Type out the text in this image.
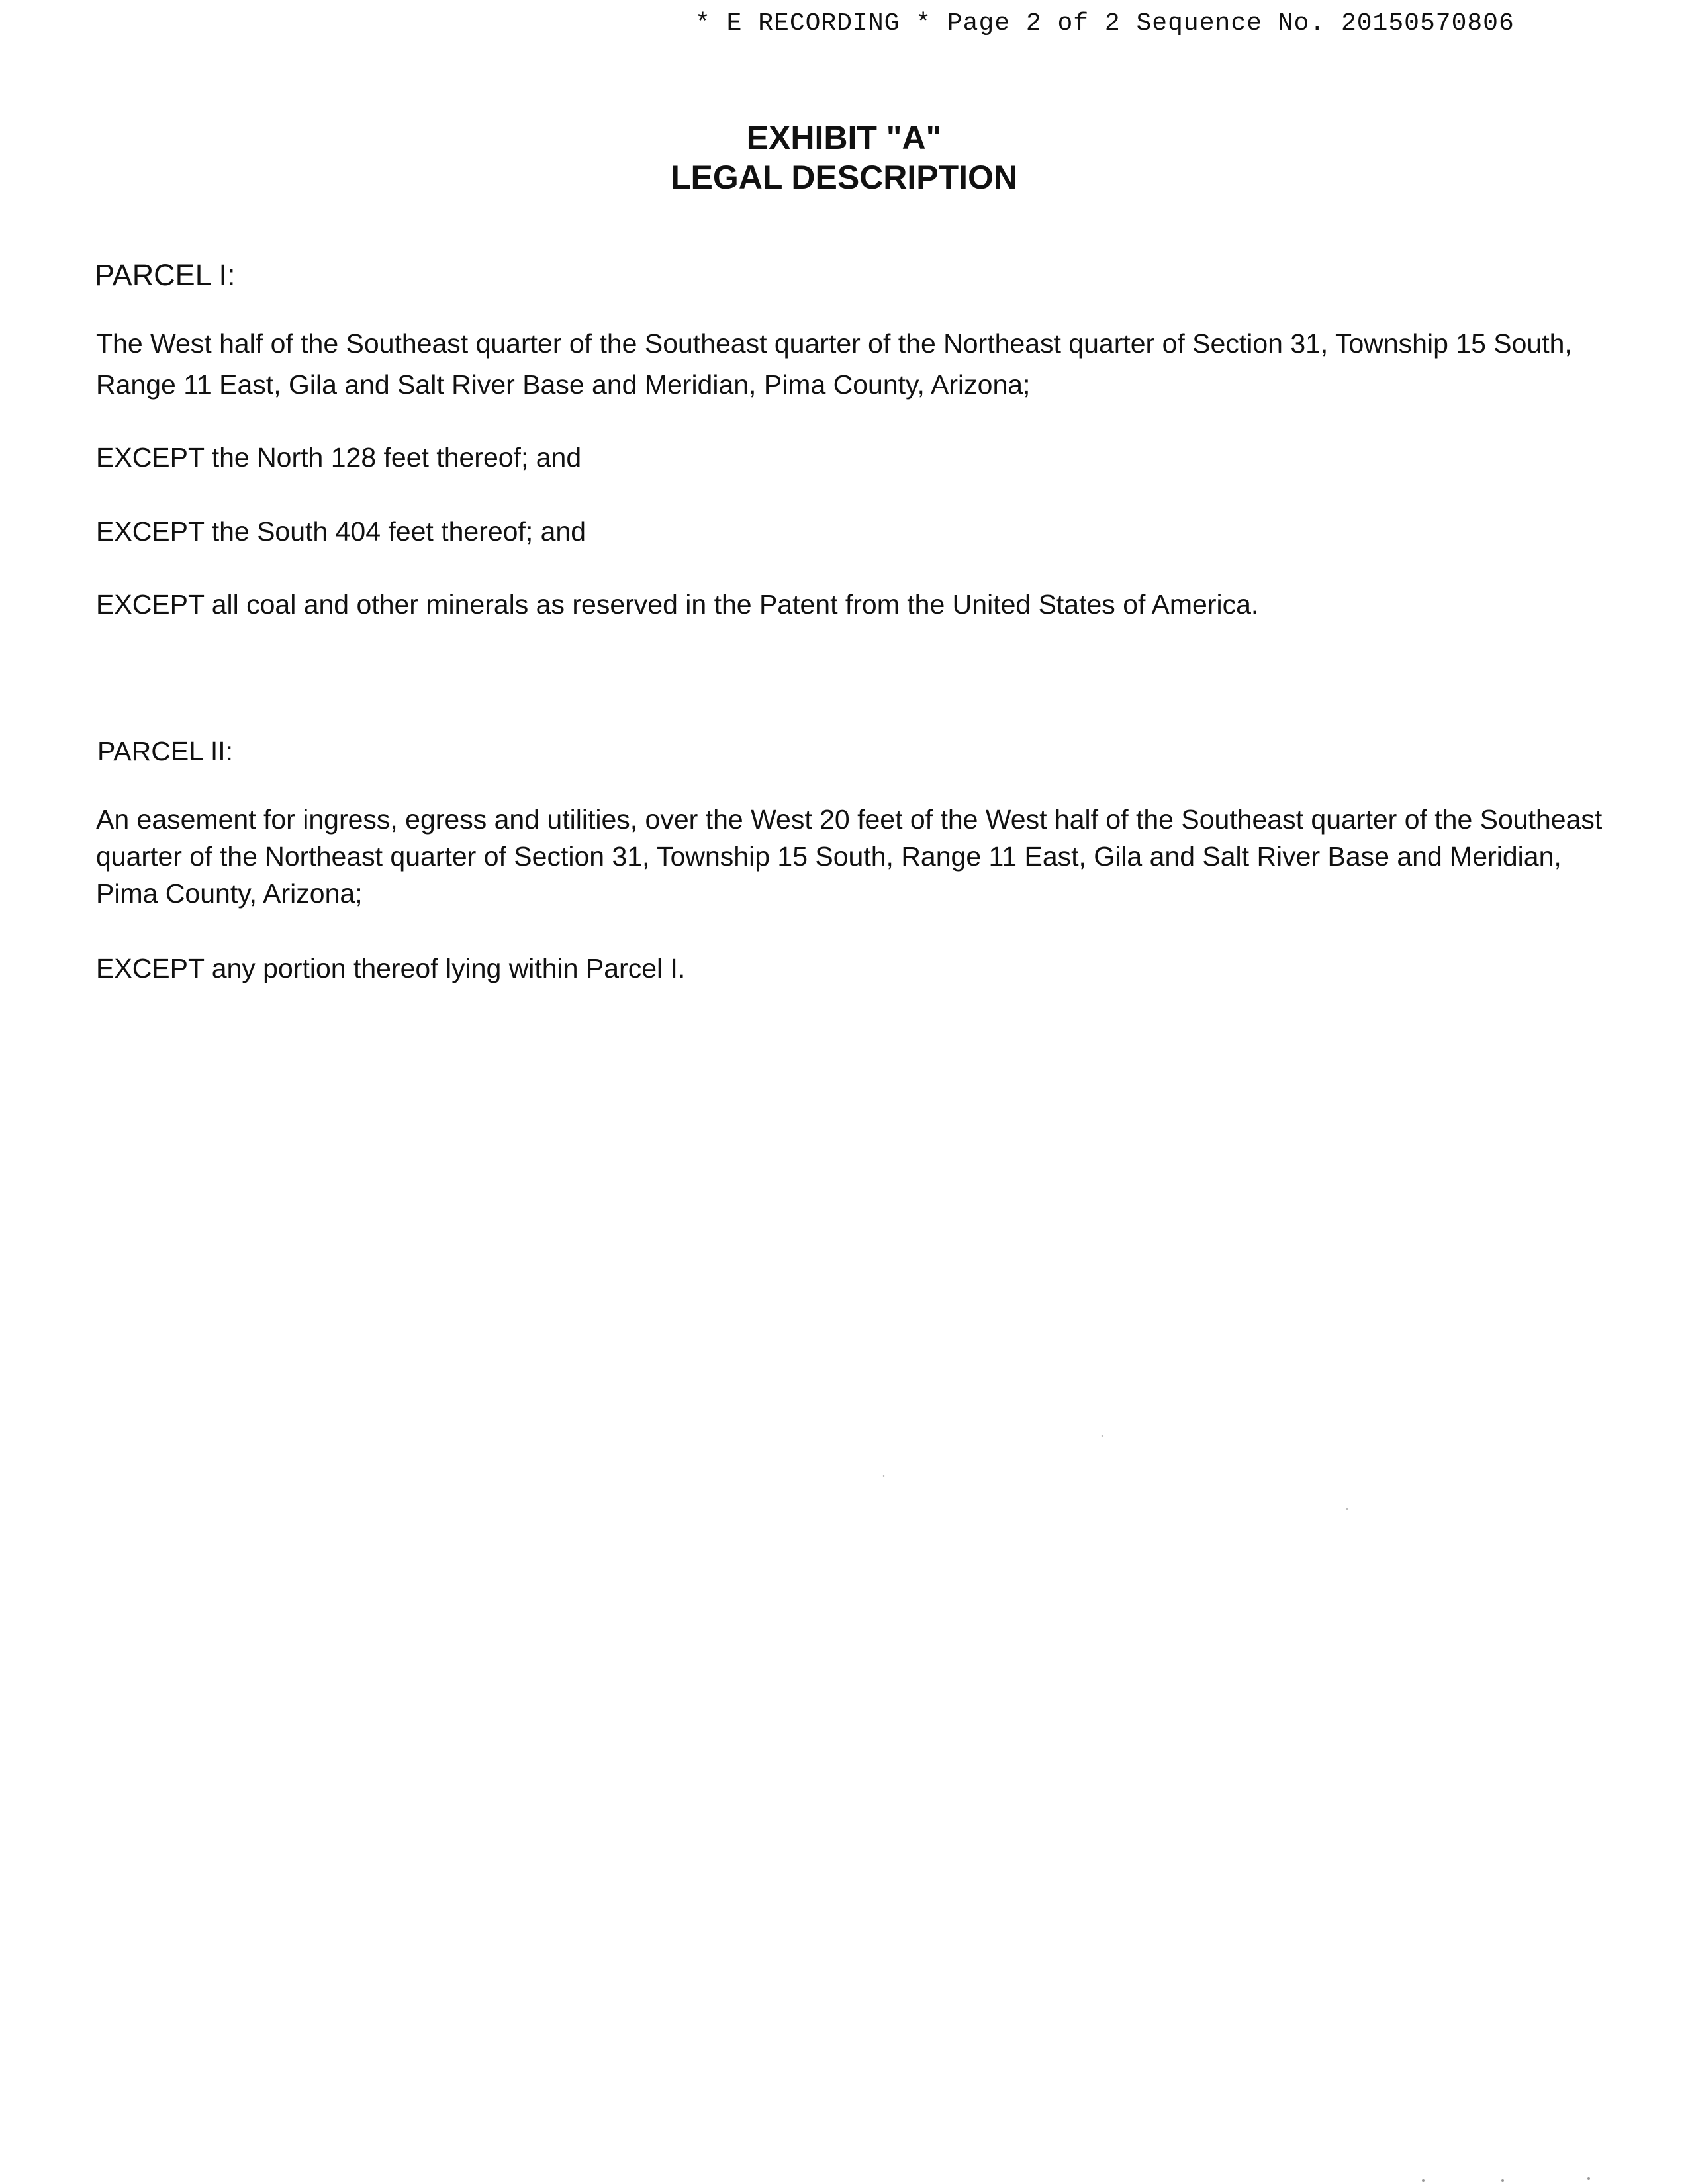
* E RECORDING * Page 2 of 2 Sequence No. 20150570806
EXHIBIT "A"
LEGAL DESCRIPTION
PARCEL I:
The West half of the Southeast quarter of the Southeast quarter of the Northeast quarter of Section 31, Township 15 South, Range 11 East, Gila and Salt River Base and Meridian, Pima County, Arizona;
EXCEPT the North 128 feet thereof; and
EXCEPT the South 404 feet thereof; and
EXCEPT all coal and other minerals as reserved in the Patent from the United States of America.
PARCEL II:
An easement for ingress, egress and utilities, over the West 20 feet of the West half of the Southeast quarter of the Southeast quarter of the Northeast quarter of Section 31, Township 15 South, Range 11 East, Gila and Salt River Base and Meridian, Pima County, Arizona;
EXCEPT any portion thereof lying within Parcel I.
